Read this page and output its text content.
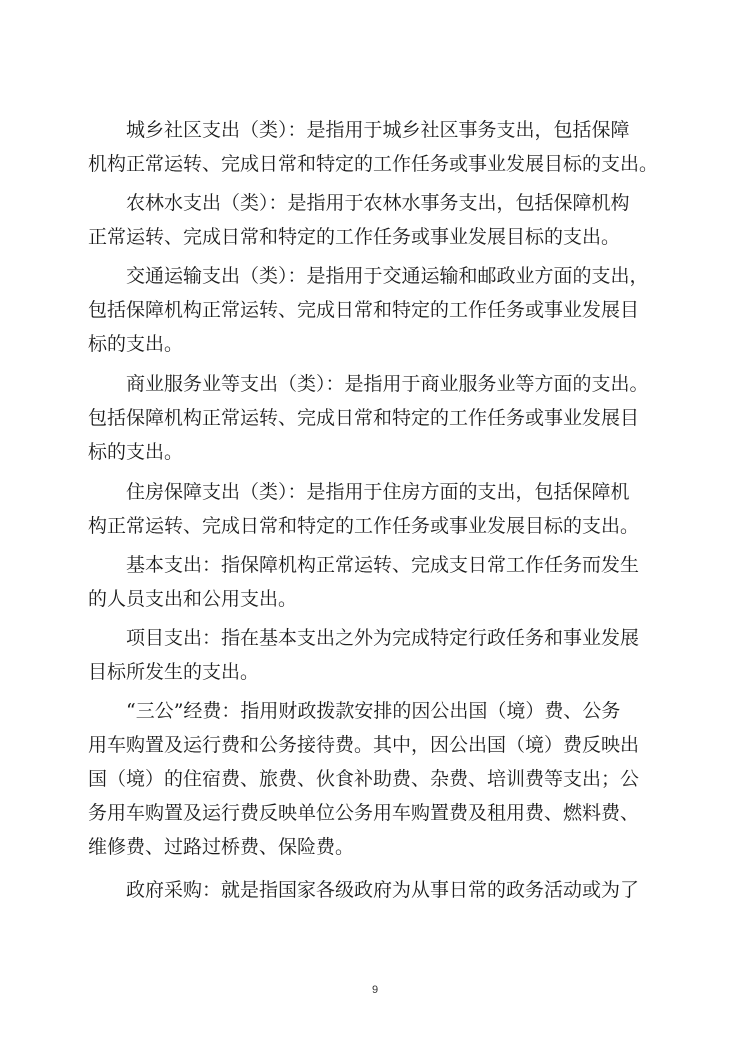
城乡社区支出（类）：是指用于城乡社区事务支出，包括保障
机构正常运转、完成日常和特定的工作任务或事业发展目标的支出。

农林水支出（类）：是指用于农林水事务支出，包括保障机构
正常运转、完成日常和特定的工作任务或事业发展目标的支出。

交通运输支出（类）：是指用于交通运输和邮政业方面的支出，
包括保障机构正常运转、完成日常和特定的工作任务或事业发展目
标的支出。

商业服务业等支出（类）：是指用于商业服务业等方面的支出。
包括保障机构正常运转、完成日常和特定的工作任务或事业发展目
标的支出。

住房保障支出（类）：是指用于住房方面的支出，包括保障机
构正常运转、完成日常和特定的工作任务或事业发展目标的支出。

基本支出：指保障机构正常运转、完成支日常工作任务而发生
的人员支出和公用支出。

项目支出：指在基本支出之外为完成特定行政任务和事业发展
目标所发生的支出。

“三公”经费：指用财政拨款安排的因公出国（境）费、公务
用车购置及运行费和公务接待费。其中，因公出国（境）费反映出
国（境）的住宿费、旅费、伙食补助费、杂费、培训费等支出；公
务用车购置及运行费反映单位公务用车购置费及租用费、燃料费、
维修费、过路过桥费、保险费。

政府采购：就是指国家各级政府为从事日常的政务活动或为了

9
